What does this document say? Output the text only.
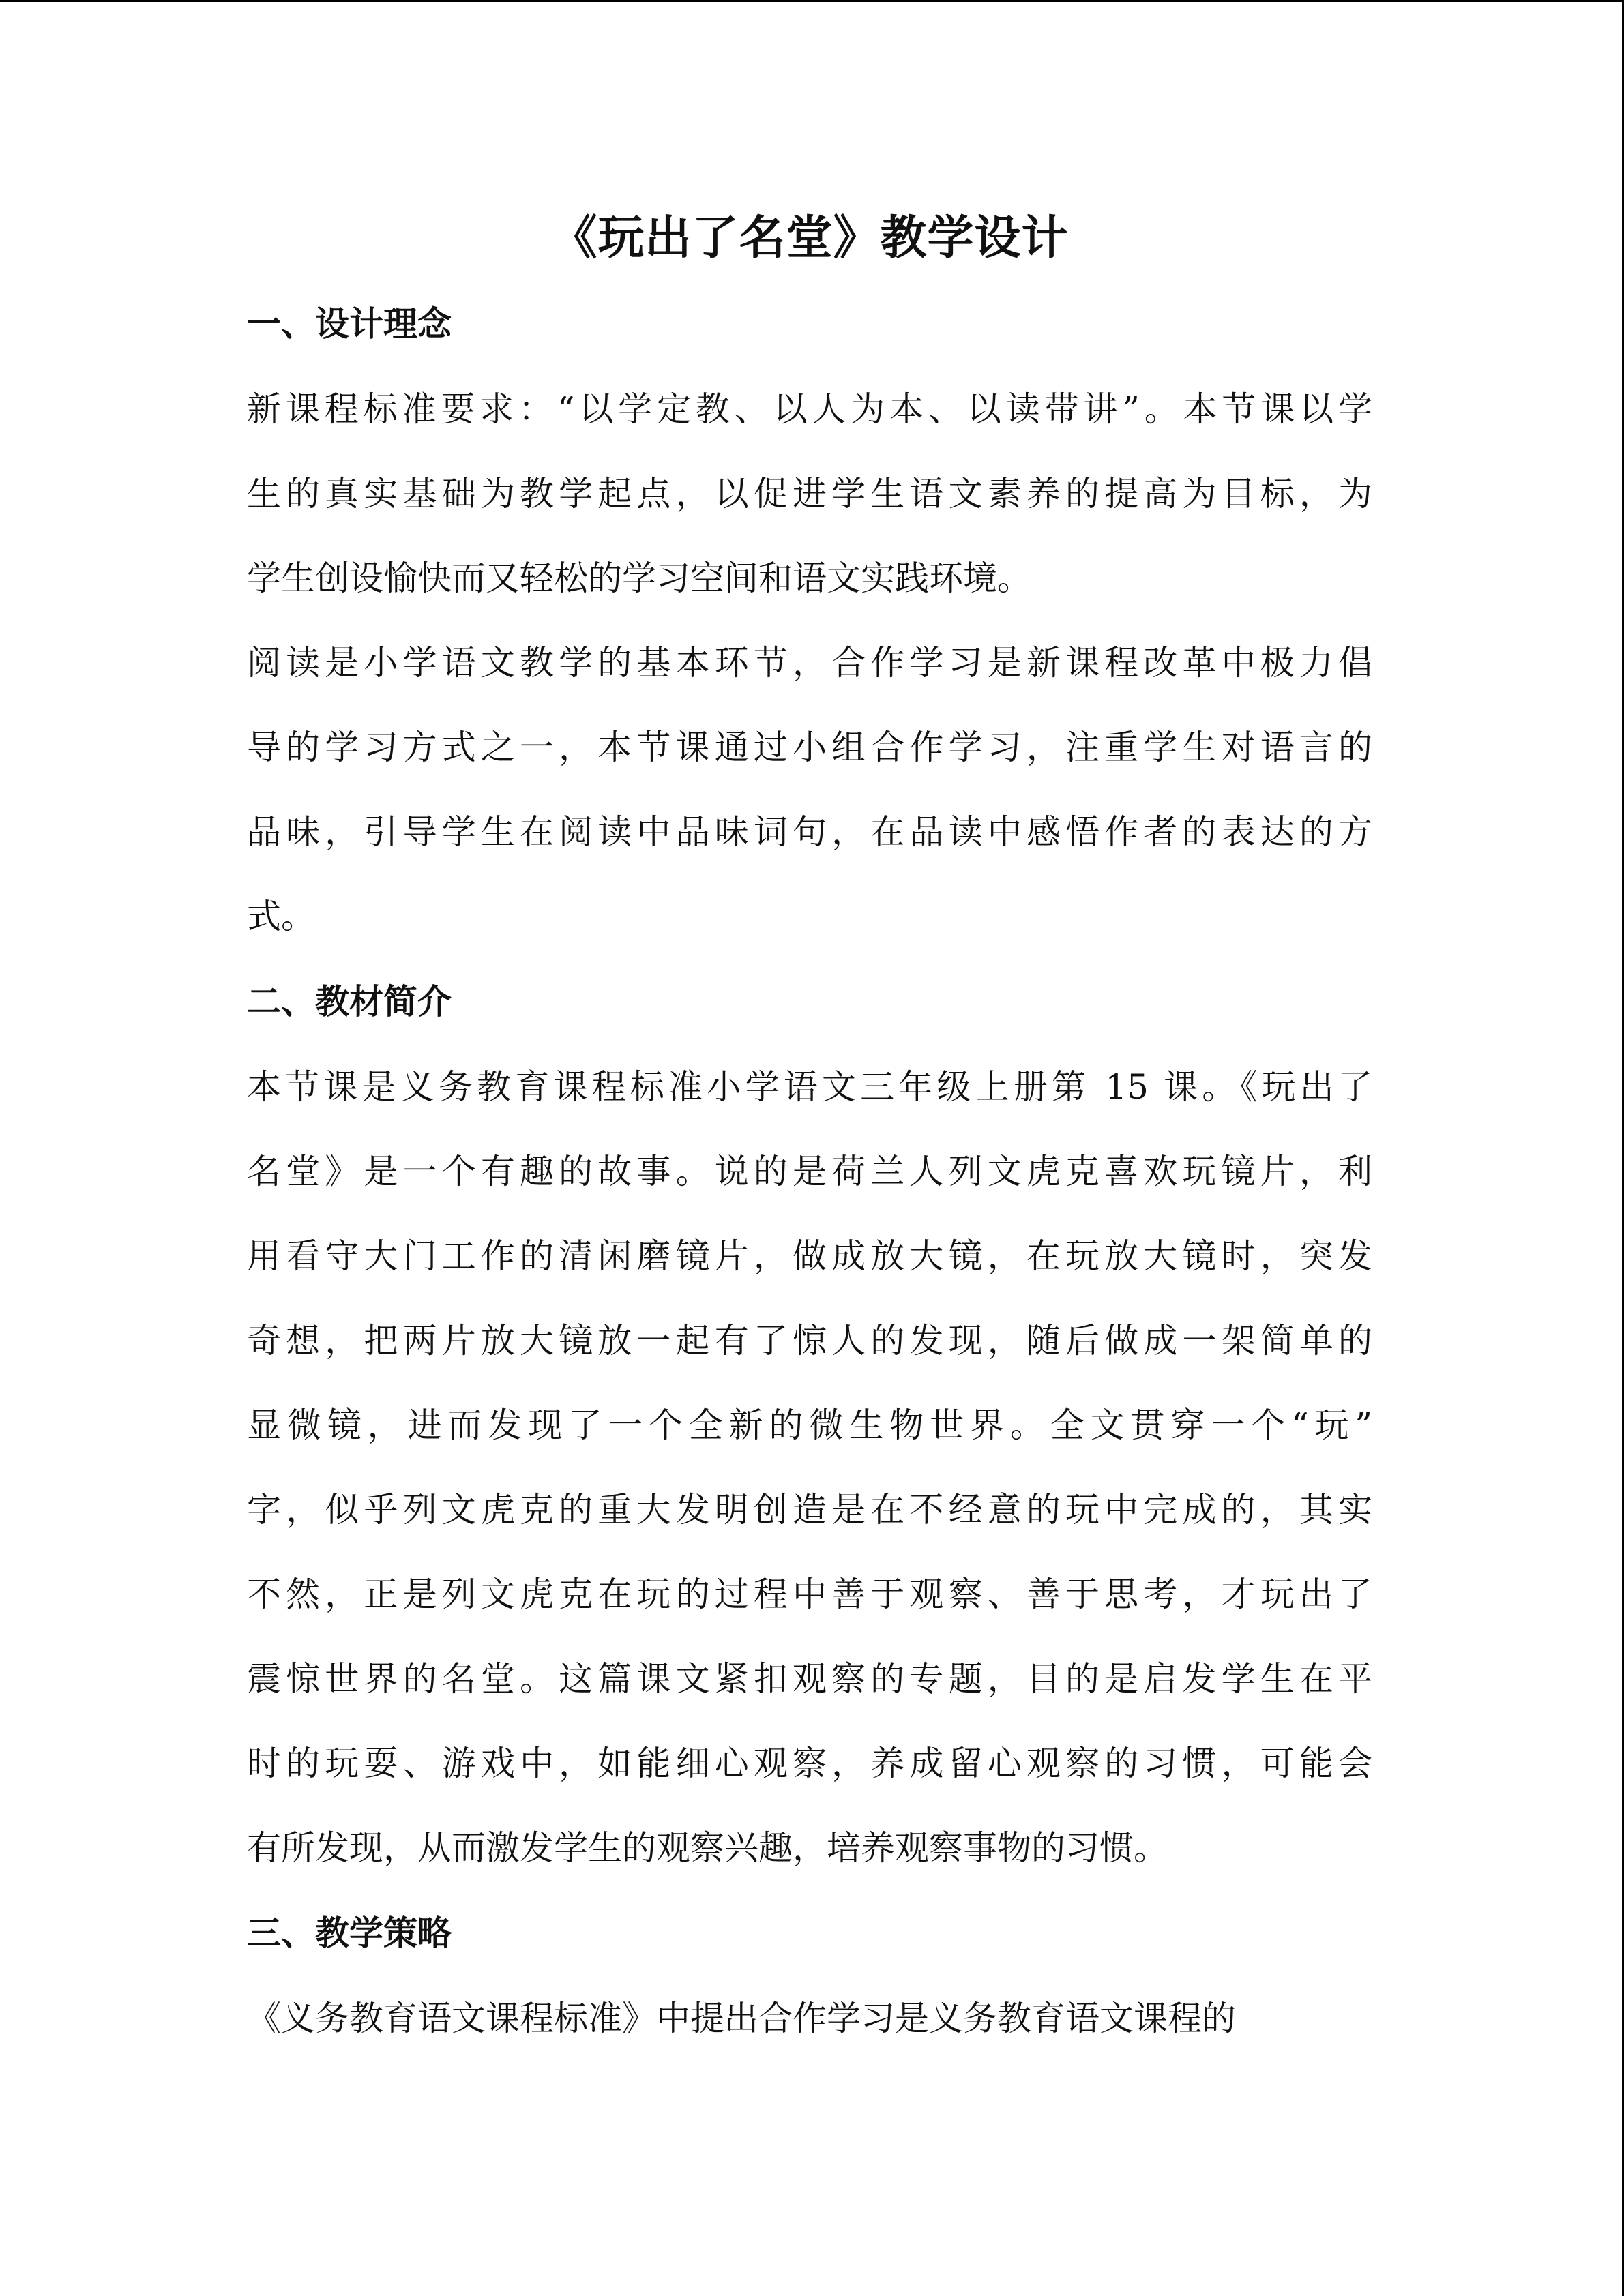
《玩出了名堂》教学设计
一、设计理念

新课程标准要求：“以学定教、以人为本、以读带讲”。本节课以学
生的真实基础为教学起点，以促进学生语文素养的提高为目标，为
学生创设愉快而又轻松的学习空间和语文实践环境。

阅读是小学语文教学的基本环节，合作学习是新课程改革中极力倡
导的学习方式之一，本节课通过小组合作学习，注重学生对语言的
品味，引导学生在阅读中品味词句，在品读中感悟作者的表达的方
式。

二、教材简介

本节课是义务教育课程标准小学语文三年级上册第 15 课。《玩出了
名堂》是一个有趣的故事。说的是荷兰人列文虎克喜欢玩镜片，利
用看守大门工作的清闲磨镜片，做成放大镜，在玩放大镜时，突发
奇想，把两片放大镜放一起有了惊人的发现，随后做成一架简单的
显微镜，进而发现了一个全新的微生物世界。全文贯穿一个“玩”
字，似乎列文虎克的重大发明创造是在不经意的玩中完成的，其实
不然，正是列文虎克在玩的过程中善于观察、善于思考，才玩出了
震惊世界的名堂。这篇课文紧扣观察的专题，目的是启发学生在平
时的玩耍、游戏中，如能细心观察，养成留心观察的习惯，可能会
有所发现，从而激发学生的观察兴趣，培养观察事物的习惯。

三、教学策略

《义务教育语文课程标准》中提出合作学习是义务教育语文课程的
